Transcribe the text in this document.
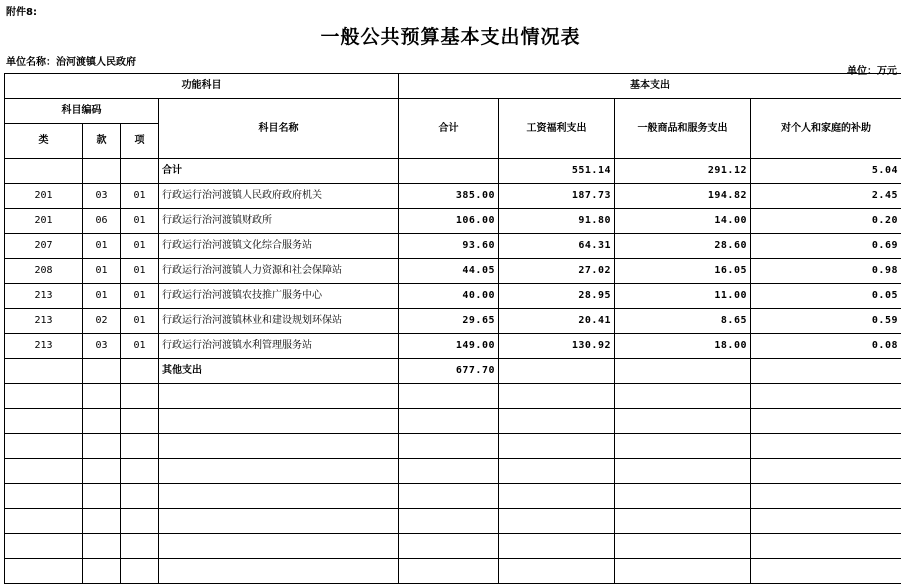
附件8:
一般公共预算基本支出情况表
单位名称：治河渡镇人民政府
单位：万元
功能科目				基本支出			
科目编码			科目名称	合计	工资福利支出	一般商品和服务支出	对个人和家庭的补助
类	款	项					
			合计		551.14	291.12	5.04
201	03	01	行政运行治河渡镇人民政府政府机关	385.00	187.73	194.82	2.45
201	06	01	行政运行治河渡镇财政所	106.00	91.80	14.00	0.20
207	01	01	行政运行治河渡镇文化综合服务站	93.60	64.31	28.60	0.69
208	01	01	行政运行治河渡镇人力资源和社会保障站	44.05	27.02	16.05	0.98
213	01	01	行政运行治河渡镇农技推广服务中心	40.00	28.95	11.00	0.05
213	02	01	行政运行治河渡镇林业和建设规划环保站	29.65	20.41	8.65	0.59
213	03	01	行政运行治河渡镇水利管理服务站	149.00	130.92	18.00	0.08
			其他支出	677.70			
